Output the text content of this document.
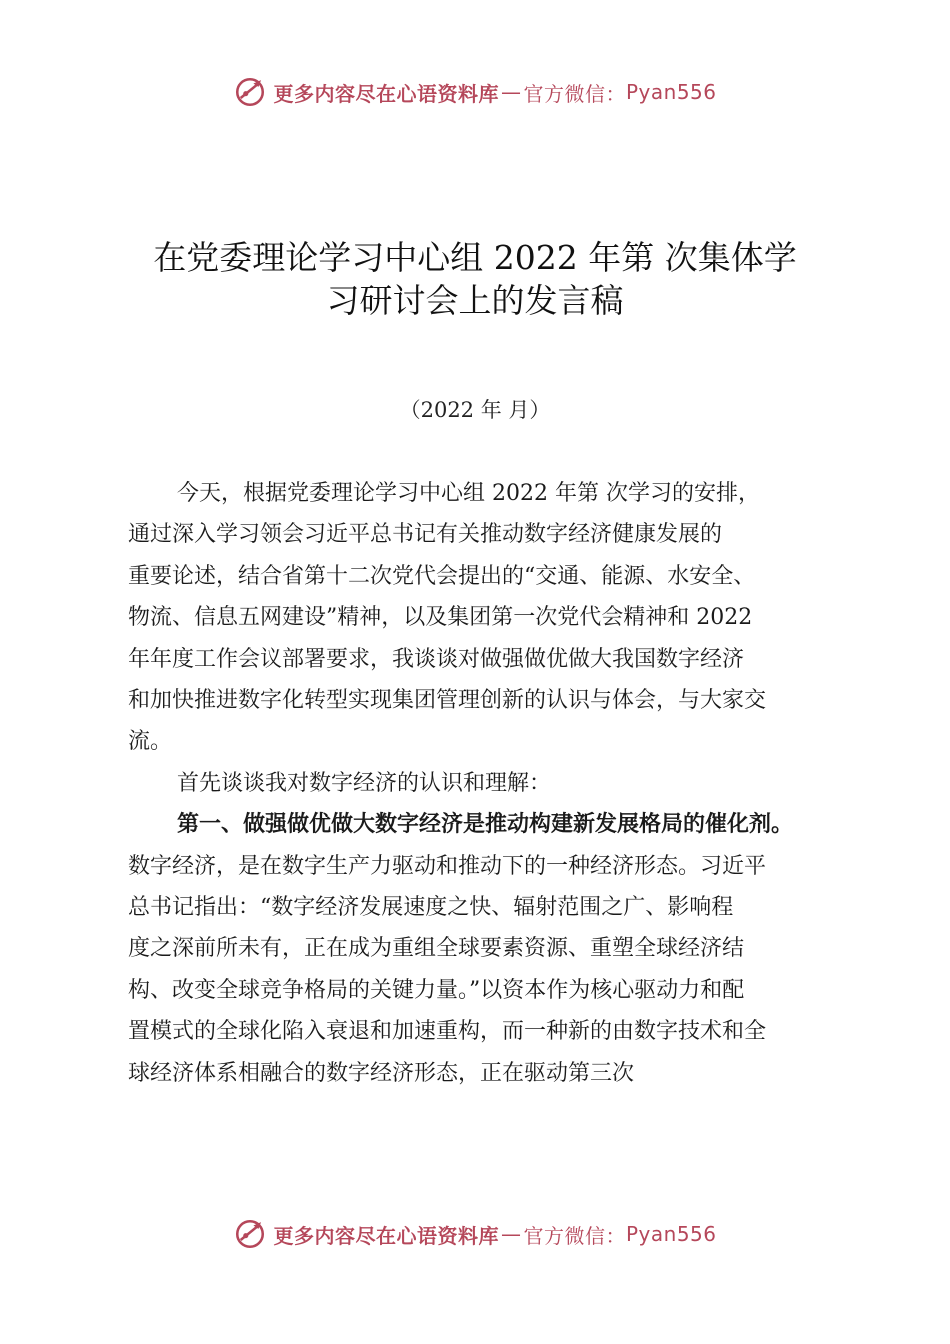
更多内容尽在心语资料库 — 官方微信： Pyan556
在党委理论学习中心组 2022 年第 次集体学
习研讨会上的发言稿
（2022 年 月）
今天，根据党委理论学习中心组 2022 年第 次学习的安排，
通过深入学习领会习近平总书记有关推动数字经济健康发展的
重要论述，结合省第十二次党代会提出的“交通、能源、水安全、
物流、信息五网建设”精神，以及集团第一次党代会精神和 2022
年年度工作会议部署要求，我谈谈对做强做优做大我国数字经济
和加快推进数字化转型实现集团管理创新的认识与体会，与大家交
流。
首先谈谈我对数字经济的认识和理解：
第一、做强做优做大数字经济是推动构建新发展格局的催化剂。
数字经济，是在数字生产力驱动和推动下的一种经济形态。习近平
总书记指出：“数字经济发展速度之快、辐射范围之广、影响程
度之深前所未有，正在成为重组全球要素资源、重塑全球经济结
构、改变全球竞争格局的关键力量。”以资本作为核心驱动力和配
置模式的全球化陷入衰退和加速重构，而一种新的由数字技术和全
球经济体系相融合的数字经济形态，正在驱动第三次
更多内容尽在心语资料库 — 官方微信： Pyan556
